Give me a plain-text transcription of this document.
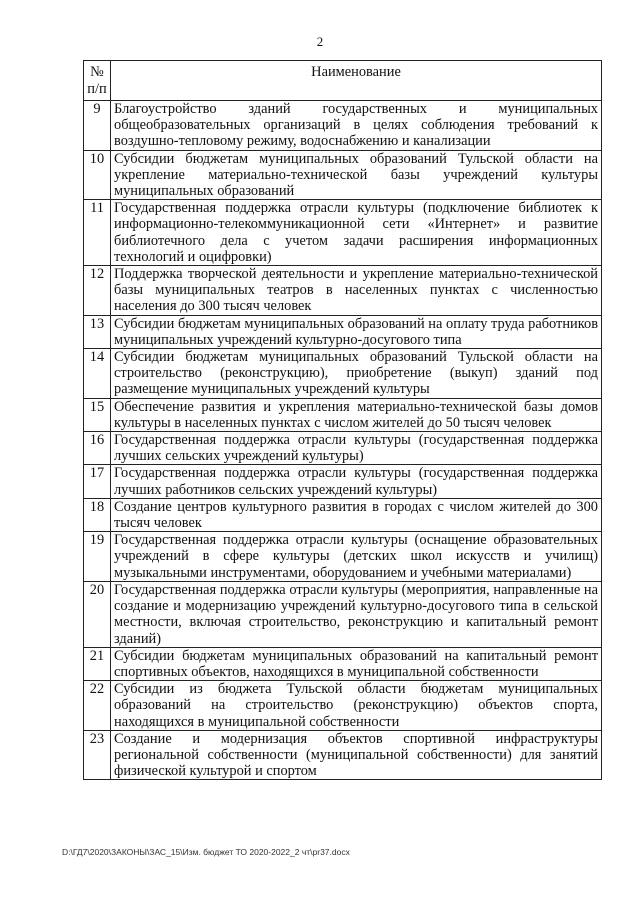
2
№
п/п	Наименование
9	Благоустройство зданий государственных и муниципальных общеобразовательных организаций в целях соблюдения требований к воздушно-тепловому режиму, водоснабжению и канализации
10	Субсидии бюджетам муниципальных образований Тульской области на укрепление материально-технической базы учреждений культуры муниципальных образований
11	Государственная поддержка отрасли культуры (подключение библиотек к информационно-телекоммуникационной сети «Интернет» и развитие библиотечного дела с учетом задачи расширения информационных технологий и оцифровки)
12	Поддержка творческой деятельности и укрепление материально-технической базы муниципальных театров в населенных пунктах с численностью населения до 300 тысяч человек
13	Субсидии бюджетам муниципальных образований на оплату труда работников муниципальных учреждений культурно-досугового типа
14	Субсидии бюджетам муниципальных образований Тульской области на строительство (реконструкцию), приобретение (выкуп) зданий под размещение муниципальных учреждений культуры
15	Обеспечение развития и укрепления материально-технической базы домов культуры в населенных пунктах с числом жителей до 50 тысяч человек
16	Государственная поддержка отрасли культуры (государственная поддержка лучших сельских учреждений культуры)
17	Государственная поддержка отрасли культуры (государственная поддержка лучших работников сельских учреждений культуры)
18	Создание центров культурного развития в городах с числом жителей до 300 тысяч человек
19	Государственная поддержка отрасли культуры (оснащение образовательных учреждений в сфере культуры (детских школ искусств и училищ) музыкальными инструментами, оборудованием и учебными материалами)
20	Государственная поддержка отрасли культуры (мероприятия, направленные на создание и модернизацию учреждений культурно-досугового типа в сельской местности, включая строительство, реконструкцию и капитальный ремонт зданий)
21	Субсидии бюджетам муниципальных образований на капитальный ремонт спортивных объектов, находящихся в муниципальной собственности
22	Субсидии из бюджета Тульской области бюджетам муниципальных образований на строительство (реконструкцию) объектов спорта, находящихся в муниципальной собственности
23	Создание и модернизация объектов спортивной инфраструктуры региональной собственности (муниципальной собственности) для занятий физической культурой и спортом
D:\ГД7\2020\ЗАКОНЫ\ЗАС_15\Изм. бюджет ТО 2020-2022_2 чт\pr37.docx
